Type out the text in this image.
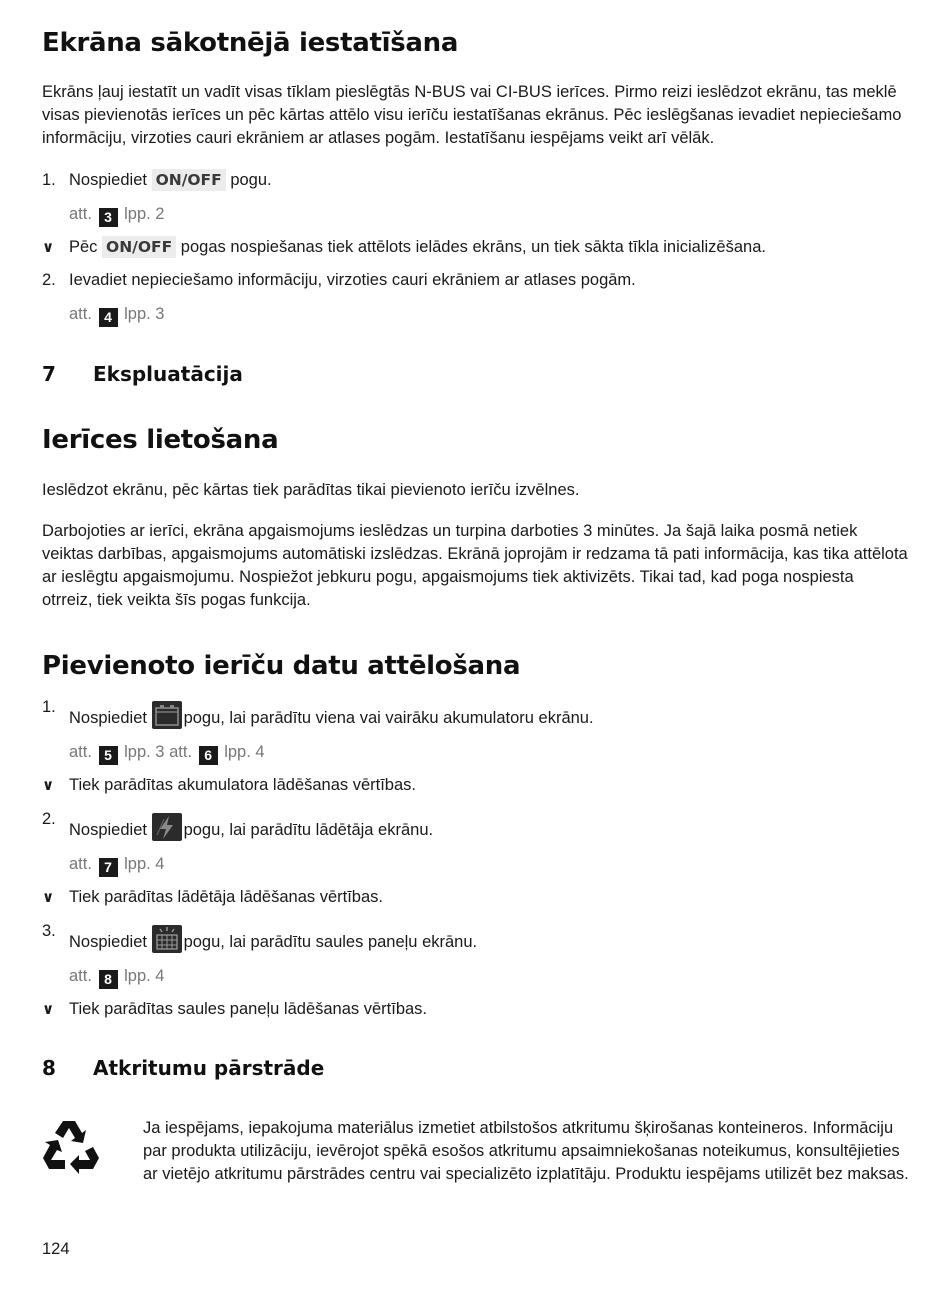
Ekrāna sākotnējā iestatīšana

Ekrāns ļauj iestatīt un vadīt visas tīklam pieslēgtās N-BUS vai CI-BUS ierīces. Pirmo reizi ieslēdzot ekrānu, tas meklē visas pievienotās ierīces un pēc kārtas attēlo visu ierīču iestatīšanas ekrānus. Pēc ieslēgšanas ievadiet nepieciešamo informāciju, virzoties cauri ekrāniem ar atlases pogām. Iestatīšanu iespējams veikt arī vēlāk.

1. Nospiediet ON/OFF pogu.
att. 3 lpp. 2
∨ Pēc ON/OFF pogas nospiešanas tiek attēlots ielādes ekrāns, un tiek sākta tīkla inicializēšana.
2. Ievadiet nepieciešamo informāciju, virzoties cauri ekrāniem ar atlases pogām.
att. 4 lpp. 3
7 Ekspluatācija
Ierīces lietošana

Ieslēdzot ekrānu, pēc kārtas tiek parādītas tikai pievienoto ierīču izvēlnes.

Darbojoties ar ierīci, ekrāna apgaismojums ieslēdzas un turpina darboties 3 minūtes. Ja šajā laika posmā netiek veiktas darbības, apgaismojums automātiski izslēdzas. Ekrānā joprojām ir redzama tā pati informācija, kas tika attēlota ar ieslēgtu apgaismojumu. Nospiežot jebkuru pogu, apgaismojums tiek aktivizēts. Tikai tad, kad poga nospiesta otrreiz, tiek veikta šīs pogas funkcija.

Pievienoto ierīču datu attēlošana
1.
Nospiediet pogu, lai parādītu viena vai vairāku akumulatoru ekrānu.
att. 5 lpp. 3 att. 6 lpp. 4
∨ Tiek parādītas akumulatora lādēšanas vērtības.
2.
Nospiediet pogu, lai parādītu lādētāja ekrānu.
att. 7 lpp. 4
∨ Tiek parādītas lādētāja lādēšanas vērtības.
3.
Nospiediet pogu, lai parādītu saules paneļu ekrānu.
att. 8 lpp. 4
∨ Tiek parādītas saules paneļu lādēšanas vērtības.
8 Atkritumu pārstrāde

Ja iespējams, iepakojuma materiālus izmetiet atbilstošos atkritumu šķirošanas konteineros. Informāciju par produkta utilizāciju, ievērojot spēkā esošos atkritumu apsaimniekošanas noteikumus, konsultējieties ar vietējo atkritumu pārstrādes centru vai specializēto izplatītāju. Produktu iespējams utilizēt bez maksas.

124
